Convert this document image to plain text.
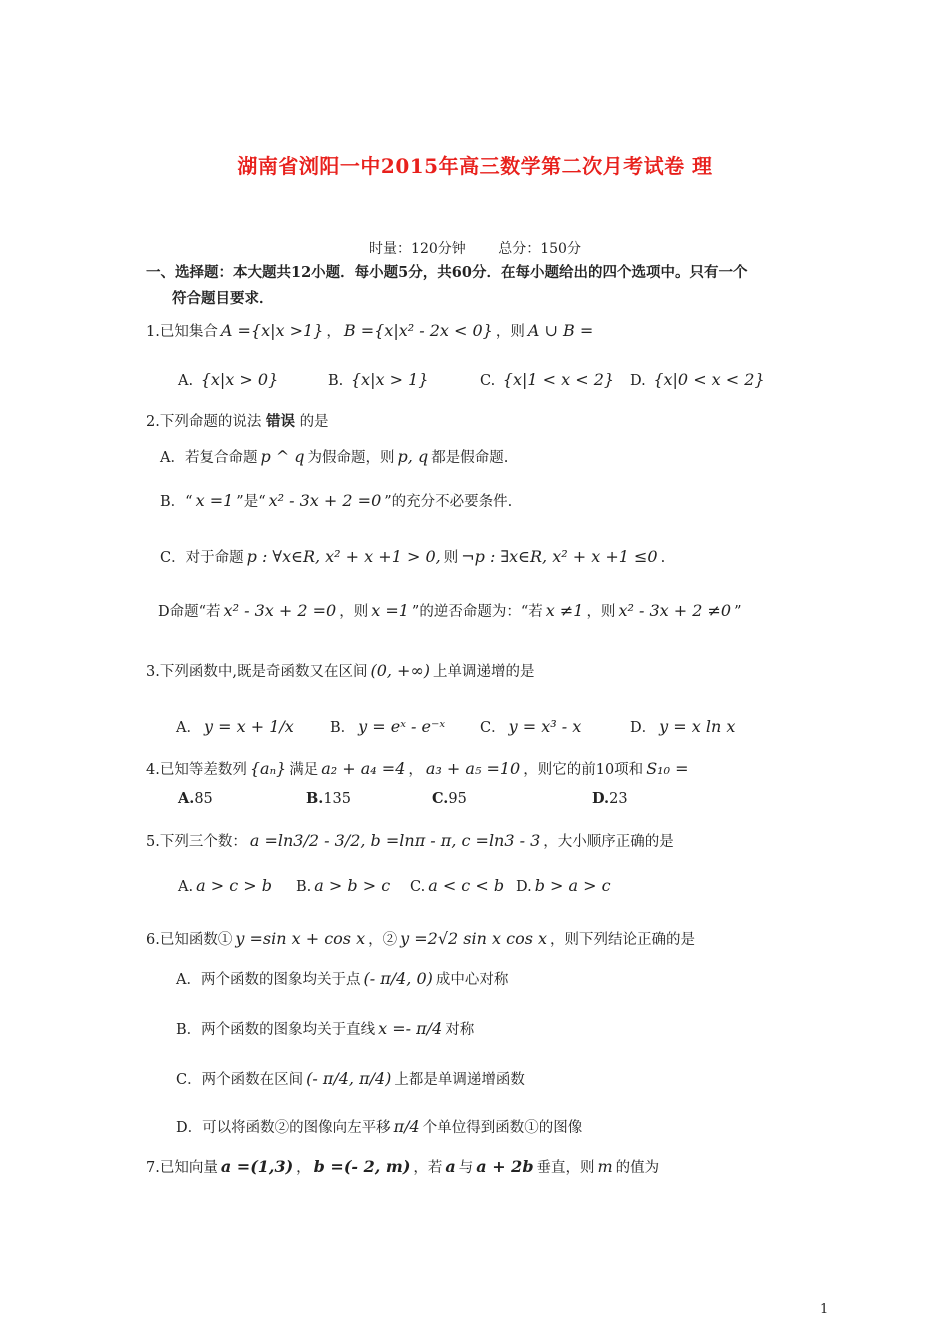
湖南省浏阳一中2015年高三数学第二次月考试卷 理
时量：120分钟 总分：150分
一、选择题：本大题共12小题．每小题5分，共60分．在每小题给出的四个选项中。只有一个
符合题目要求．
1.已知集合 A ={x|x >1} ， B ={x|x² - 2x < 0} ，则 A ∪ B =
A. {x|x > 0}	B. {x|x > 1}	C. {x|1 < x < 2} D. {x|0 < x < 2}
2.下列命题的说法 错误 的是
A．若复合命题 p ^ q 为假命题，则 p, q 都是假命题.
B．“ x =1 ”是“ x² - 3x + 2 =0 ”的充分不必要条件.
C．对于命题 p : ∀x∈R, x² + x +1 > 0, 则 ¬p : ∃x∈R, x² + x +1 ≤0 .
D命题“若 x² - 3x + 2 =0 ，则 x =1 ”的逆否命题为：“若 x ≠1 ，则 x² - 3x + 2 ≠0 ”
3.下列函数中,既是奇函数又在区间 (0, +∞) 上单调递增的是
A． y = x + 1/x B． y = eˣ - e⁻ˣ C． y = x³ - x	D． y = x ln x
4.已知等差数列 {aₙ} 满足 a₂ + a₄ =4 ， a₃ + a₅ =10 ，则它的前10项和 S₁₀ =
A.85	B.135	C.95	D.23
5.下列三个数： a =ln3/2 - 3/2, b =lnπ - π, c =ln3 - 3 ，大小顺序正确的是
A. a > c > b B. a > b > c C. a < c < b D. b > a > c
6.已知函数① y =sin x + cos x ，② y =2√2 sin x cos x ，则下列结论正确的是
A．两个函数的图象均关于点 (- π/4, 0) 成中心对称
B．两个函数的图象均关于直线 x =- π/4 对称
C．两个函数在区间 (- π/4, π/4) 上都是单调递增函数
D．可以将函数②的图像向左平移 π/4 个单位得到函数①的图像
7.已知向量 a =(1,3) ， b =(- 2, m) ，若 a 与 a + 2b 垂直，则 m 的值为
1
